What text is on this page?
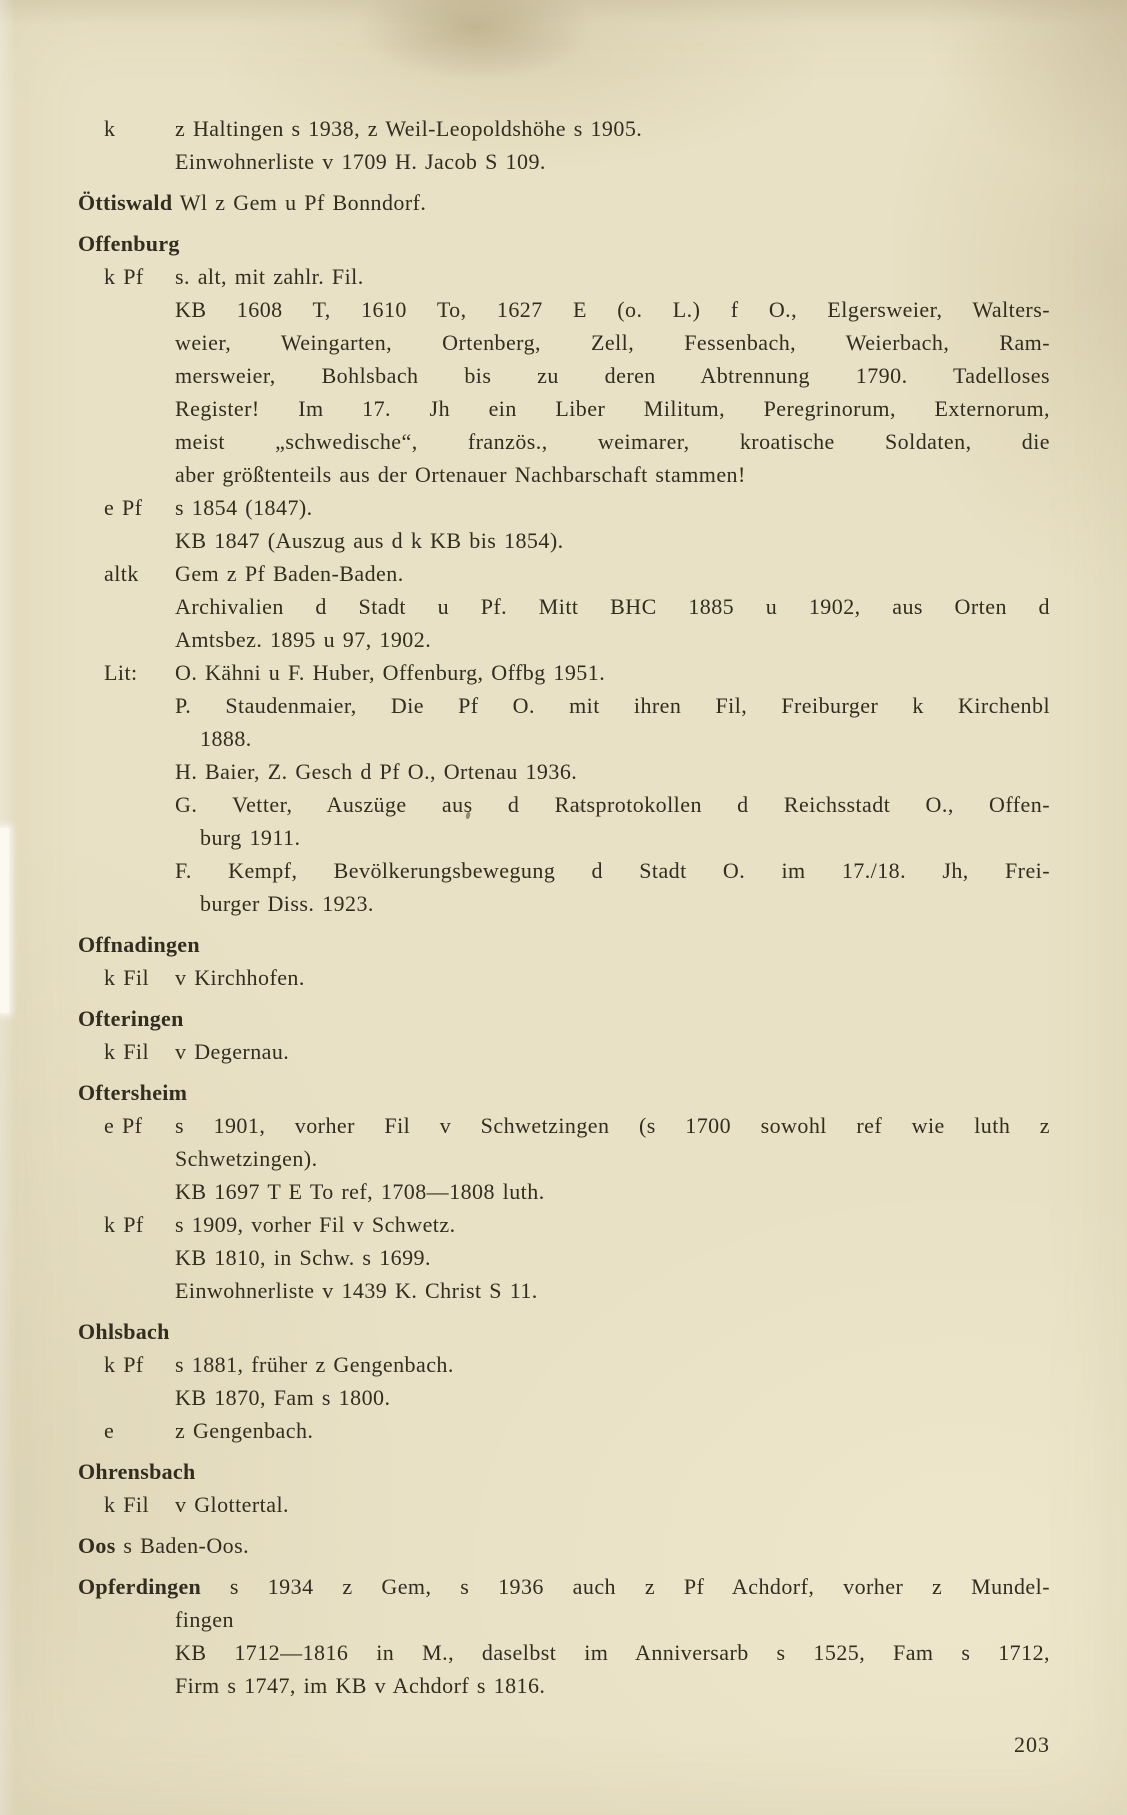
k	z Haltingen s 1938, z Weil-Leopoldshöhe s 1905.
Einwohnerliste v 1709 H. Jacob S 109.
Öttiswald Wl z Gem u Pf Bonndorf.
Offenburg
k Pf	s. alt, mit zahlr. Fil.
KB 1608 T, 1610 To, 1627 E (o. L.) f O., Elgersweier, Walters-
weier, Weingarten, Ortenberg, Zell, Fessenbach, Weierbach, Ram-
mersweier, Bohlsbach bis zu deren Abtrennung 1790. Tadelloses
Register! Im 17. Jh ein Liber Militum, Peregrinorum, Externorum,
meist „schwedische“, französ., weimarer, kroatische Soldaten, die
aber größtenteils aus der Ortenauer Nachbarschaft stammen!
e Pf	s 1854 (1847).
KB 1847 (Auszug aus d k KB bis 1854).
altk	Gem z Pf Baden-Baden.
Archivalien d Stadt u Pf. Mitt BHC 1885 u 1902, aus Orten d
Amtsbez. 1895 u 97, 1902.
Lit:	O. Kähni u F. Huber, Offenburg, Offbg 1951.
P. Staudenmaier, Die Pf O. mit ihren Fil, Freiburger k Kirchenbl
1888.
H. Baier, Z. Gesch d Pf O., Ortenau 1936.
G. Vetter, Auszüge aus d Ratsprotokollen d Reichsstadt O., Offen-
burg 1911.
F. Kempf, Bevölkerungsbewegung d Stadt O. im 17./18. Jh, Frei-
burger Diss. 1923.
Offnadingen
k Fil	v Kirchhofen.
Ofteringen
k Fil	v Degernau.
Oftersheim
e Pf	s 1901, vorher Fil v Schwetzingen (s 1700 sowohl ref wie luth z
Schwetzingen).
KB 1697 T E To ref, 1708—1808 luth.
k Pf	s 1909, vorher Fil v Schwetz.
KB 1810, in Schw. s 1699.
Einwohnerliste v 1439 K. Christ S 11.
Ohlsbach
k Pf	s 1881, früher z Gengenbach.
KB 1870, Fam s 1800.
e	z Gengenbach.
Ohrensbach
k Fil	v Glottertal.
Oos s Baden-Oos.
Opferdingen s 1934 z Gem, s 1936 auch z Pf Achdorf, vorher z Mundel-
fingen
KB 1712—1816 in M., daselbst im Anniversarb s 1525, Fam s 1712,
Firm s 1747, im KB v Achdorf s 1816.
203
